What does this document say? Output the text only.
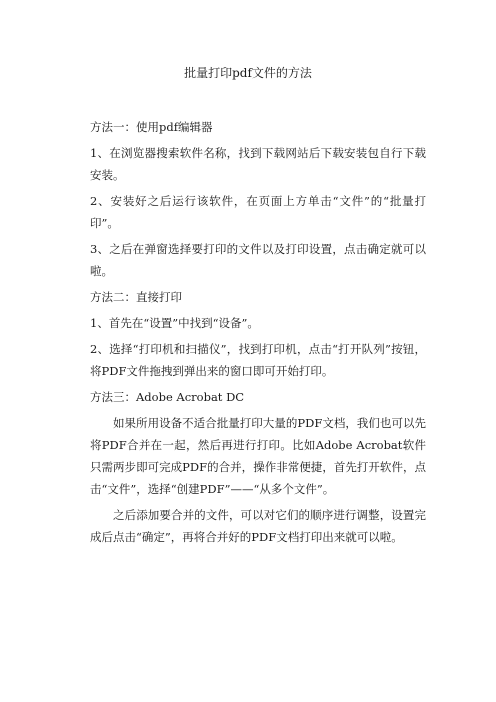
批量打印pdf文件的方法

方法一：使用pdf编辑器

1、在浏览器搜索软件名称，找到下载网站后下载安装包自行下载安装。

2、安装好之后运行该软件，在页面上方单击“文件”的“批量打印”。

3、之后在弹窗选择要打印的文件以及打印设置，点击确定就可以啦。

方法二：直接打印

1、首先在“设置”中找到“设备”。

2、选择“打印机和扫描仪”，找到打印机，点击“打开队列”按钮，将PDF文件拖拽到弹出来的窗口即可开始打印。

方法三：Adobe Acrobat DC

如果所用设备不适合批量打印大量的PDF文档，我们也可以先将PDF合并在一起，然后再进行打印。比如Adobe Acrobat软件只需两步即可完成PDF的合并，操作非常便捷，首先打开软件，点击“文件”，选择“创建PDF”——“从多个文件”。

之后添加要合并的文件，可以对它们的顺序进行调整，设置完成后点击“确定”，再将合并好的PDF文档打印出来就可以啦。
